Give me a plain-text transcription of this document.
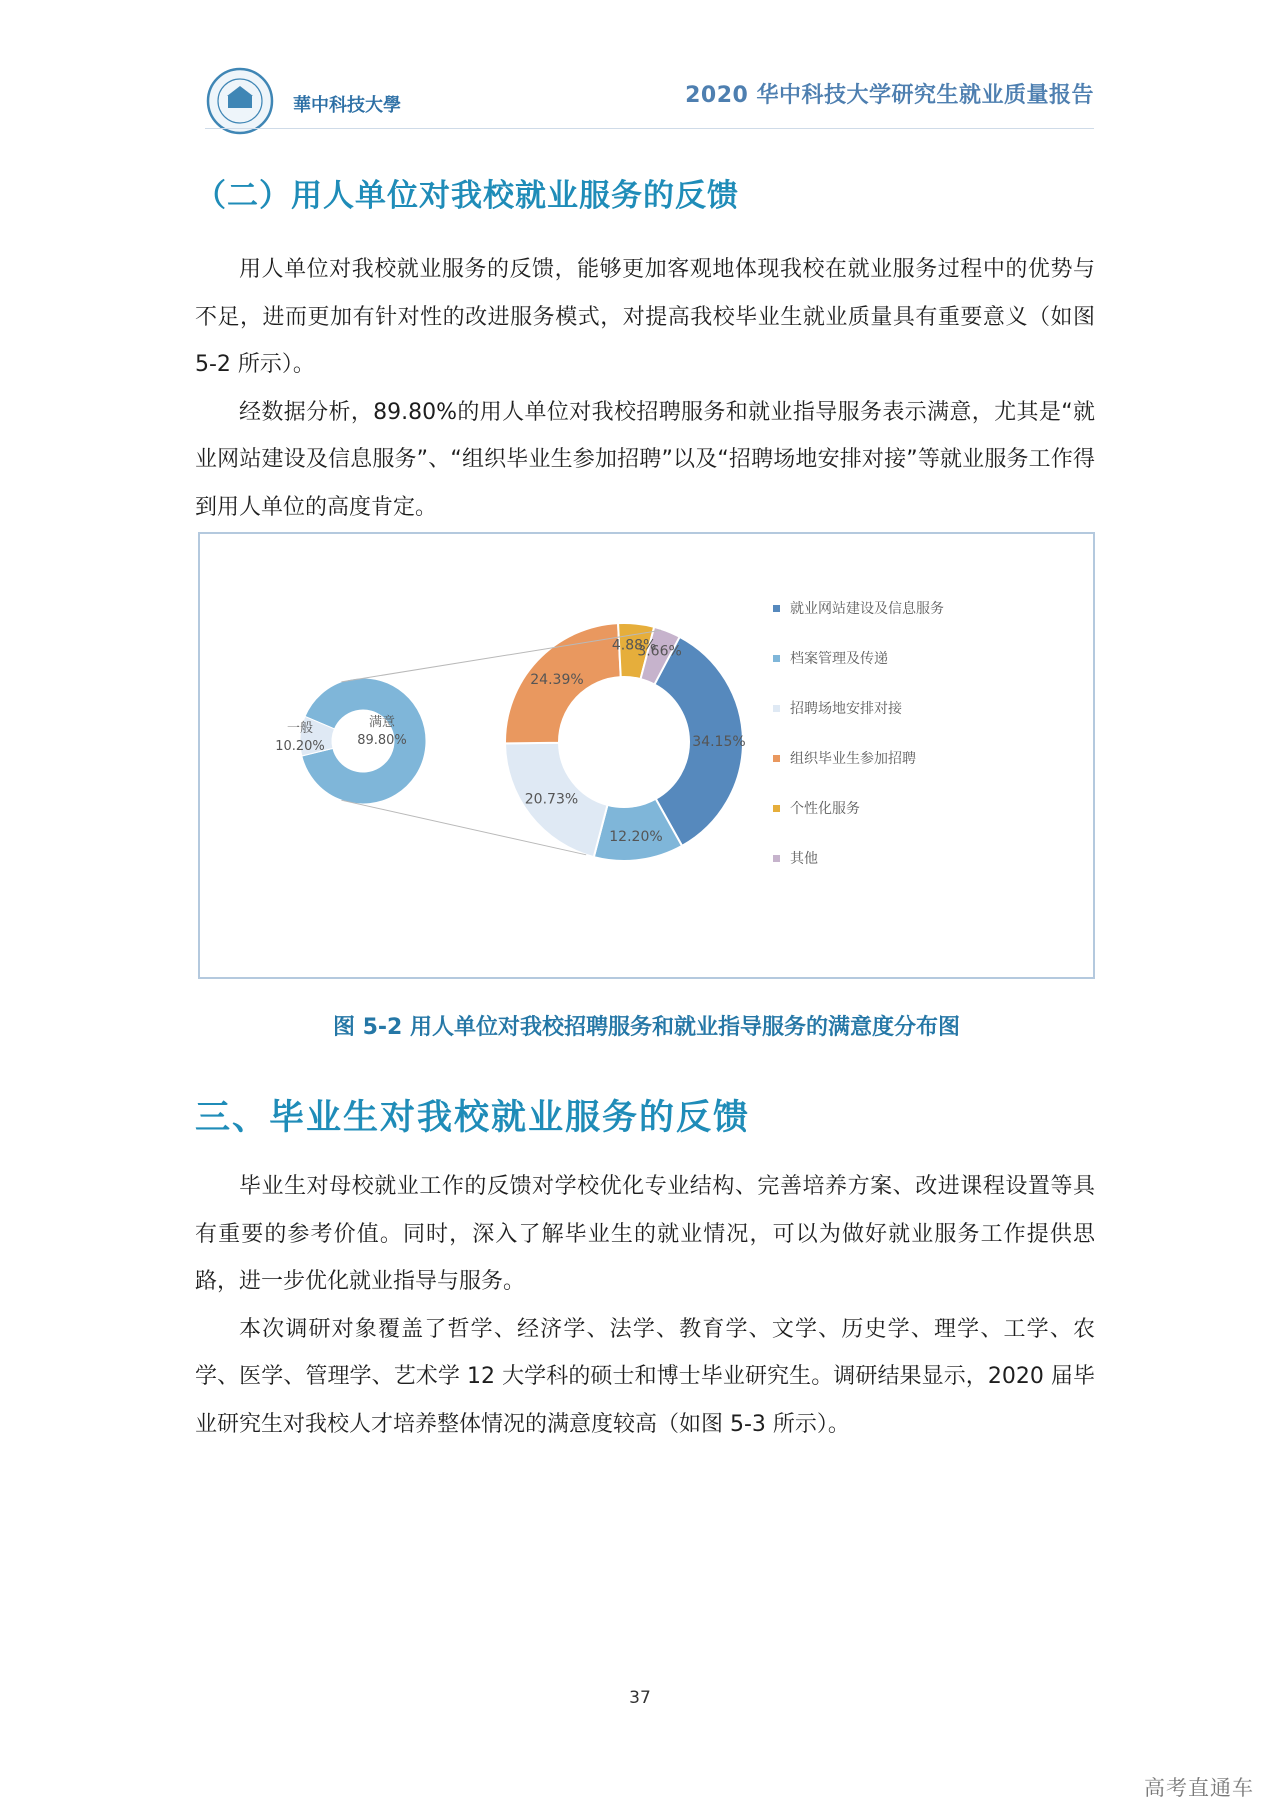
華中科技大學	2020 华中科技大学研究生就业质量报告
（二）用人单位对我校就业服务的反馈

用人单位对我校就业服务的反馈，能够更加客观地体现我校在就业服务过程中的优势与不足，进而更加有针对性的改进服务模式，对提高我校毕业生就业质量具有重要意义（如图5-2 所示）。

经数据分析，89.80%的用人单位对我校招聘服务和就业指导服务表示满意，尤其是“就业网站建设及信息服务”、“组织毕业生参加招聘”以及“招聘场地安排对接”等就业服务工作得到用人单位的高度肯定。

满意
89.80%
一般
10.20%	34.15%
12.20%
20.73%
24.39%
4.88%
3.66%
就业网站建设及信息服务
档案管理及传递
招聘场地安排对接
组织毕业生参加招聘
个性化服务
其他
图 5-2 用人单位对我校招聘服务和就业指导服务的满意度分布图
三、毕业生对我校就业服务的反馈

毕业生对母校就业工作的反馈对学校优化专业结构、完善培养方案、改进课程设置等具有重要的参考价值。同时，深入了解毕业生的就业情况，可以为做好就业服务工作提供思路，进一步优化就业指导与服务。

本次调研对象覆盖了哲学、经济学、法学、教育学、文学、历史学、理学、工学、农学、医学、管理学、艺术学 12 大学科的硕士和博士毕业研究生。调研结果显示，2020 届毕业研究生对我校人才培养整体情况的满意度较高（如图 5-3 所示）。

37
高考直通车
